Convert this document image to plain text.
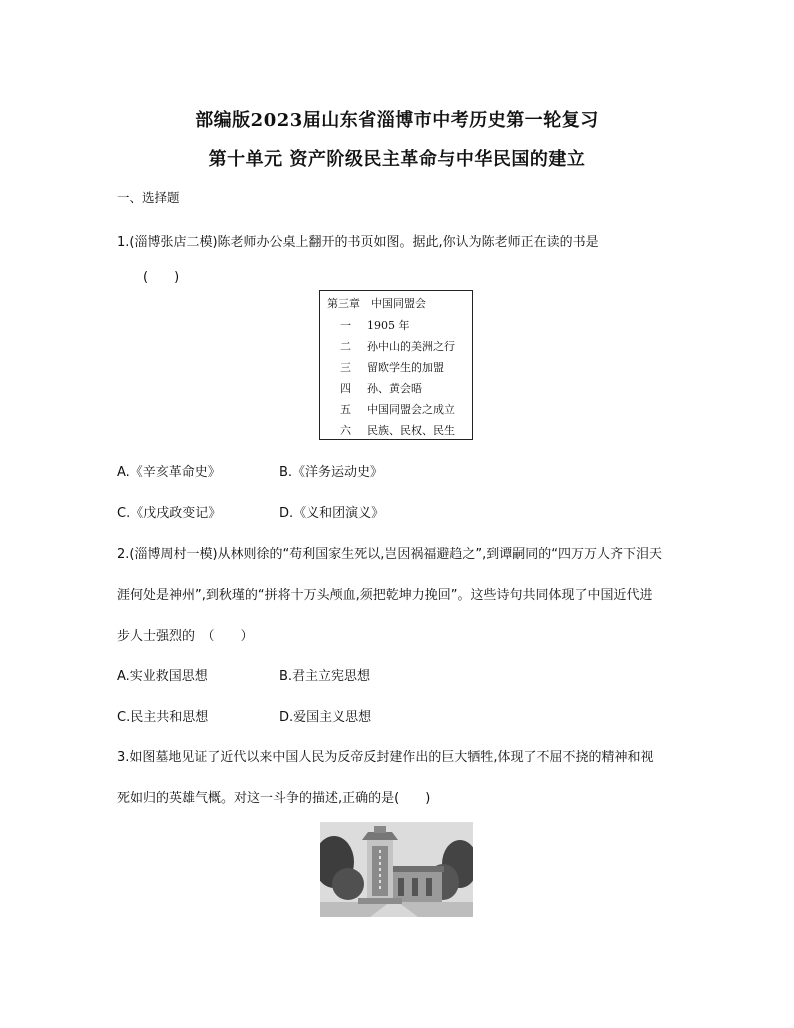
部编版2023届山东省淄博市中考历史第一轮复习
第十单元 资产阶级民主革命与中华民国的建立
一、选择题
1.(淄博张店二模)陈老师办公桌上翻开的书页如图。据此,你认为陈老师正在读的书是
(　　)
第三章　中国同盟会
一 1905 年
二 孙中山的美洲之行
三 留欧学生的加盟
四 孙、黄会晤
五 中国同盟会之成立
六 民族、民权、民生
A.《辛亥革命史》	B.《洋务运动史》
C.《戊戌政变记》	D.《义和团演义》
2.(淄博周村一模)从林则徐的“苟利国家生死以,岂因祸福避趋之”,到谭嗣同的“四万万人齐下泪天
涯何处是神州”,到秋瑾的“拼将十万头颅血,须把乾坤力挽回”。这些诗句共同体现了中国近代进
步人士强烈的　（　　）
A.实业救国思想	B.君主立宪思想
C.民主共和思想	D.爱国主义思想
3.如图墓地见证了近代以来中国人民为反帝反封建作出的巨大牺牲,体现了不屈不挠的精神和视
死如归的英雄气概。对这一斗争的描述,正确的是(　　)
